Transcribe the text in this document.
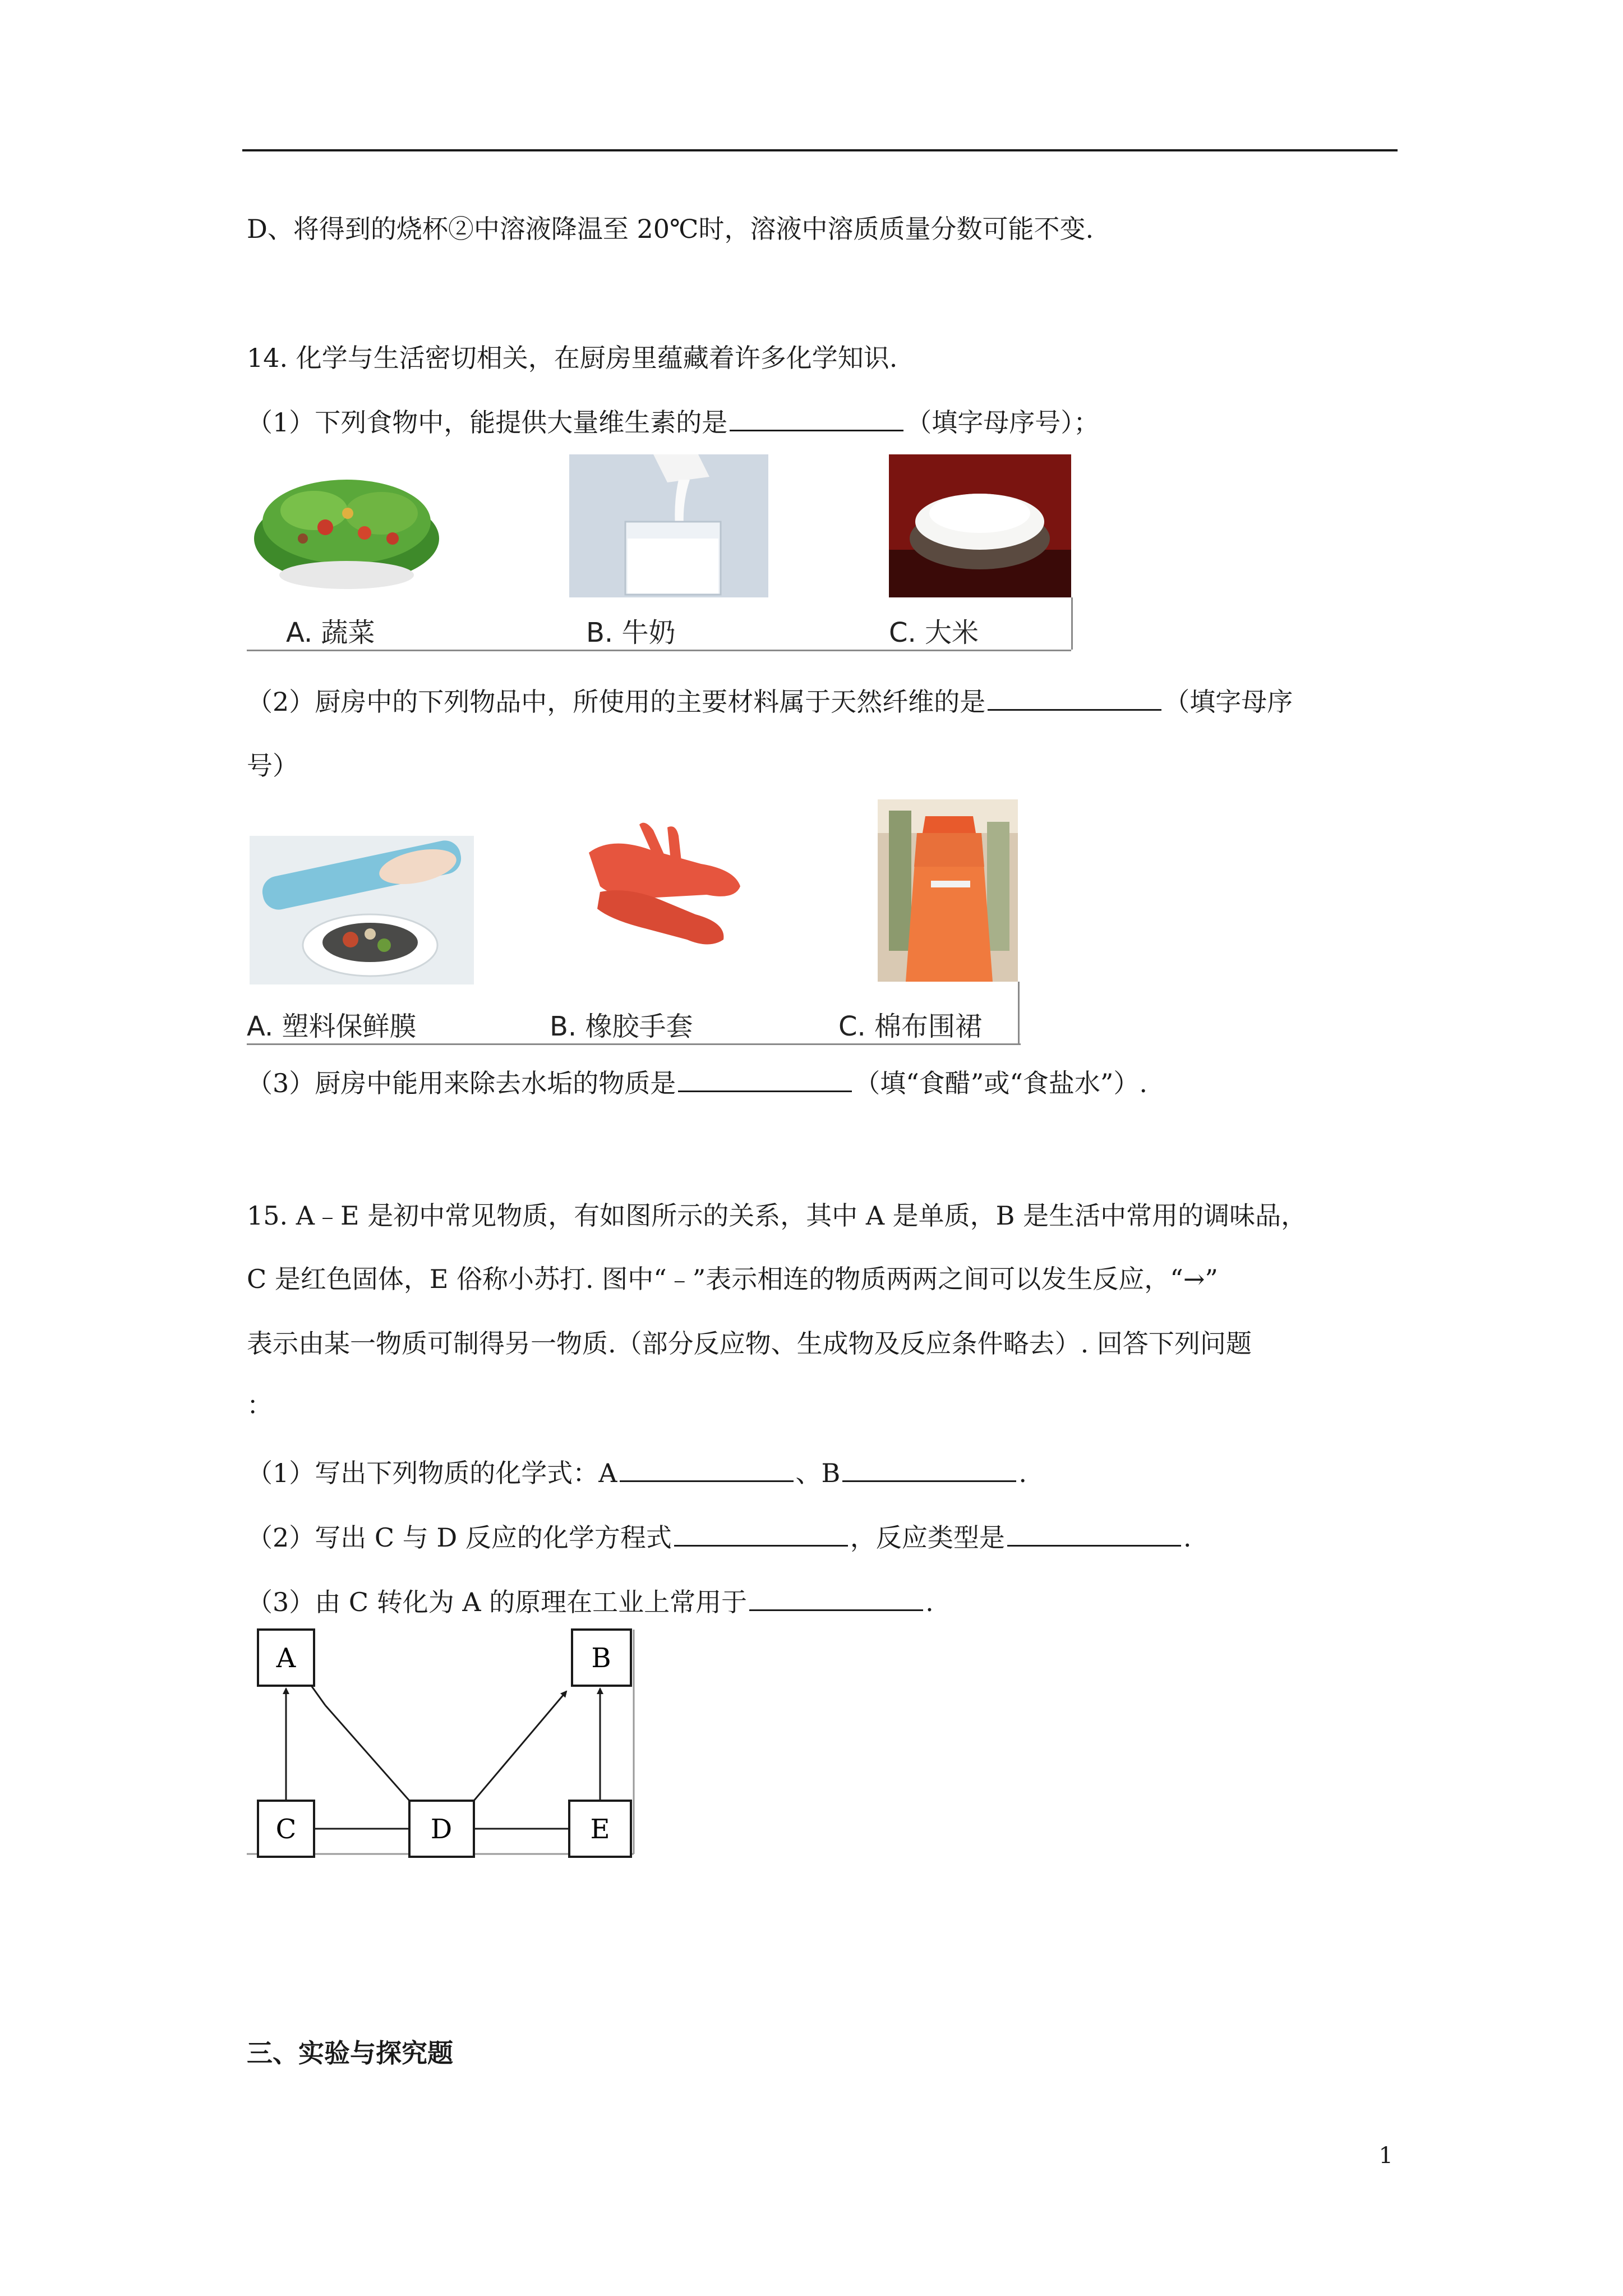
D、将得到的烧杯②中溶液降温至 20℃时，溶液中溶质质量分数可能不变.
14. 化学与生活密切相关，在厨房里蕴藏着许多化学知识.
（1）下列食物中，能提供大量维生素的是	（填字母序号）；
A. 蔬菜	B. 牛奶	C. 大米
（2）厨房中的下列物品中，所使用的主要材料属于天然纤维的是	（填字母序
号）
A. 塑料保鲜膜	B. 橡胶手套	C. 棉布围裙
（3）厨房中能用来除去水垢的物质是	（填“食醋”或“食盐水”）.
15. A﹣E 是初中常见物质，有如图所示的关系，其中 A 是单质，B 是生活中常用的调味品，
C 是红色固体，E 俗称小苏打. 图中“﹣”表示相连的物质两两之间可以发生反应，“→”
表示由某一物质可制得另一物质.（部分反应物、生成物及反应条件略去）. 回答下列问题
：
（1）写出下列物质的化学式：A	、B	.
（2）写出 C 与 D 反应的化学方程式	，反应类型是	.
（3）由 C 转化为 A 的原理在工业上常用于	.
A	B
C	D	E
三、实验与探究题
1
